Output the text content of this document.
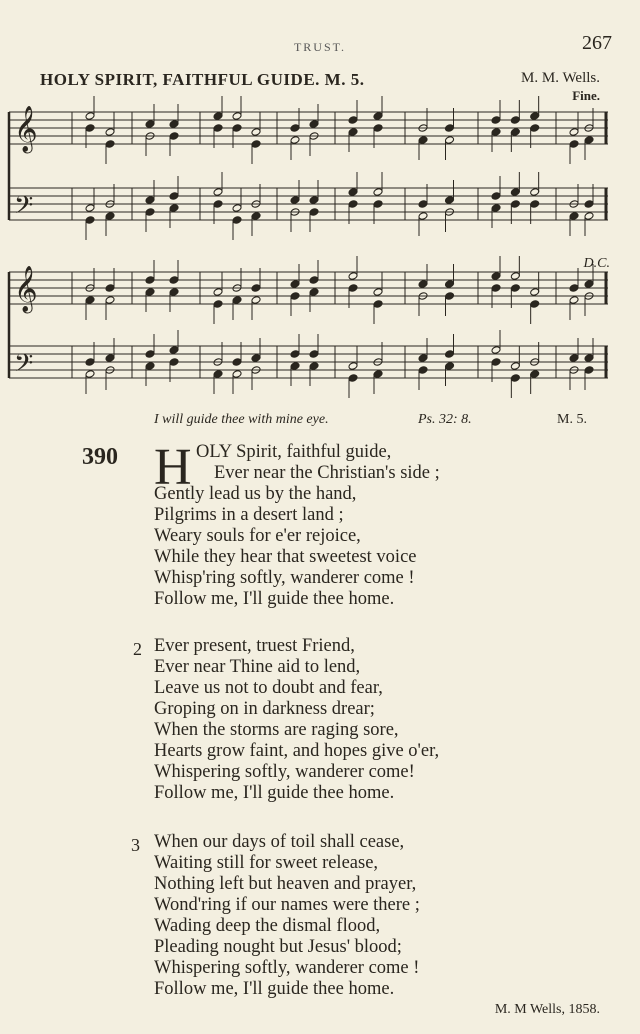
TRUST.	267
HOLY SPIRIT, FAITHFUL GUIDE. M. 5.	M. M. Wells.
Fine.
D.C.
𝄞
𝄢
𝄞
𝄢
I will guide thee with mine eye.	Ps. 32: 8.	M. 5.
390 H OLY Spirit, faithful guide,
Ever near the Christian's side ;
Gently lead us by the hand,
Pilgrims in a desert land ;
Weary souls for e'er rejoice,
While they hear that sweetest voice
Whisp'ring softly, wanderer come !
Follow me, I'll guide thee home.
2 Ever present, truest Friend,
Ever near Thine aid to lend,
Leave us not to doubt and fear,
Groping on in darkness drear;
When the storms are raging sore,
Hearts grow faint, and hopes give o'er,
Whispering softly, wanderer come!
Follow me, I'll guide thee home.
3 When our days of toil shall cease,
Waiting still for sweet release,
Nothing left but heaven and prayer,
Wond'ring if our names were there ;
Wading deep the dismal flood,
Pleading nought but Jesus' blood;
Whispering softly, wanderer come !
Follow me, I'll guide thee home.
M. M Wells, 1858.
